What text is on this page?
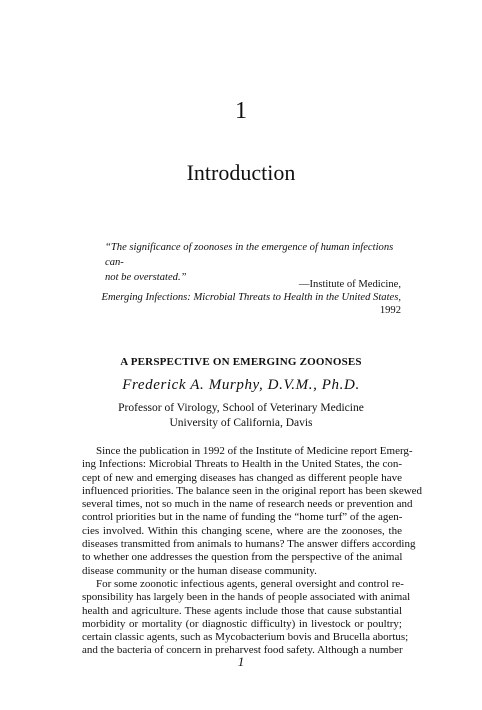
1
Introduction
“The significance of zoonoses in the emergence of human infections can-
not be overstated.”
—Institute of Medicine,
Emerging Infections: Microbial Threats to Health in the United States,
1992
A PERSPECTIVE ON EMERGING ZOONOSES
Frederick A. Murphy, D.V.M., Ph.D.
Professor of Virology, School of Veterinary Medicine
University of California, Davis
Since the publication in 1992 of the Institute of Medicine report Emerg-
ing Infections: Microbial Threats to Health in the United States, the con-
cept of new and emerging diseases has changed as different people have
influenced priorities. The balance seen in the original report has been skewed
several times, not so much in the name of research needs or prevention and
control priorities but in the name of funding the “home turf” of the agen-
cies involved. Within this changing scene, where are the zoonoses, the
diseases transmitted from animals to humans? The answer differs according
to whether one addresses the question from the perspective of the animal
disease community or the human disease community.
For some zoonotic infectious agents, general oversight and control re-
sponsibility has largely been in the hands of people associated with animal
health and agriculture. These agents include those that cause substantial
morbidity or mortality (or diagnostic difficulty) in livestock or poultry;
certain classic agents, such as Mycobacterium bovis and Brucella abortus;
and the bacteria of concern in preharvest food safety. Although a number
1
